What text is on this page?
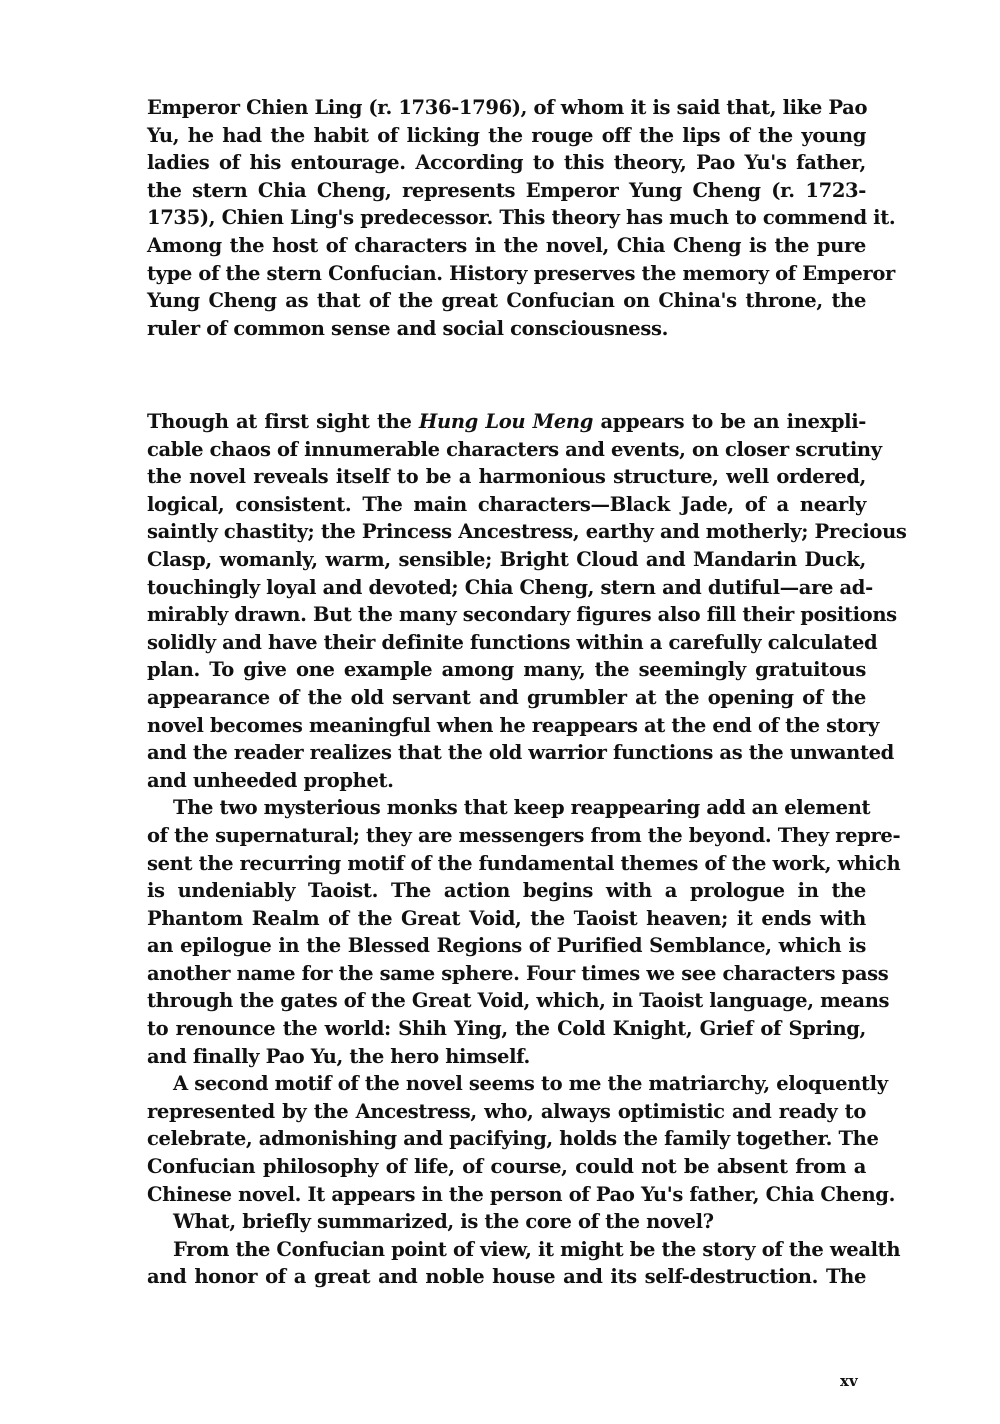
Emperor Chien Ling (r. 1736-1796), of whom it is said that, like Pao
Yu, he had the habit of licking the rouge off the lips of the young
ladies of his entourage. According to this theory, Pao Yu's father,
the stern Chia Cheng, represents Emperor Yung Cheng (r. 1723-
1735), Chien Ling's predecessor. This theory has much to commend it.
Among the host of characters in the novel, Chia Cheng is the pure
type of the stern Confucian. History preserves the memory of Emperor
Yung Cheng as that of the great Confucian on China's throne, the
ruler of common sense and social consciousness.
Though at first sight the Hung Lou Meng appears to be an inexpli-
cable chaos of innumerable characters and events, on closer scrutiny
the novel reveals itself to be a harmonious structure, well ordered,
logical, consistent. The main characters—Black Jade, of a nearly
saintly chastity; the Princess Ancestress, earthy and motherly; Precious
Clasp, womanly, warm, sensible; Bright Cloud and Mandarin Duck,
touchingly loyal and devoted; Chia Cheng, stern and dutiful—are ad-
mirably drawn. But the many secondary figures also fill their positions
solidly and have their definite functions within a carefully calculated
plan. To give one example among many, the seemingly gratuitous
appearance of the old servant and grumbler at the opening of the
novel becomes meaningful when he reappears at the end of the story
and the reader realizes that the old warrior functions as the unwanted
and unheeded prophet.
The two mysterious monks that keep reappearing add an element
of the supernatural; they are messengers from the beyond. They repre-
sent the recurring motif of the fundamental themes of the work, which
is undeniably Taoist. The action begins with a prologue in the
Phantom Realm of the Great Void, the Taoist heaven; it ends with
an epilogue in the Blessed Regions of Purified Semblance, which is
another name for the same sphere. Four times we see characters pass
through the gates of the Great Void, which, in Taoist language, means
to renounce the world: Shih Ying, the Cold Knight, Grief of Spring,
and finally Pao Yu, the hero himself.
A second motif of the novel seems to me the matriarchy, eloquently
represented by the Ancestress, who, always optimistic and ready to
celebrate, admonishing and pacifying, holds the family together. The
Confucian philosophy of life, of course, could not be absent from a
Chinese novel. It appears in the person of Pao Yu's father, Chia Cheng.
What, briefly summarized, is the core of the novel?
From the Confucian point of view, it might be the story of the wealth
and honor of a great and noble house and its self-destruction. The
xv
